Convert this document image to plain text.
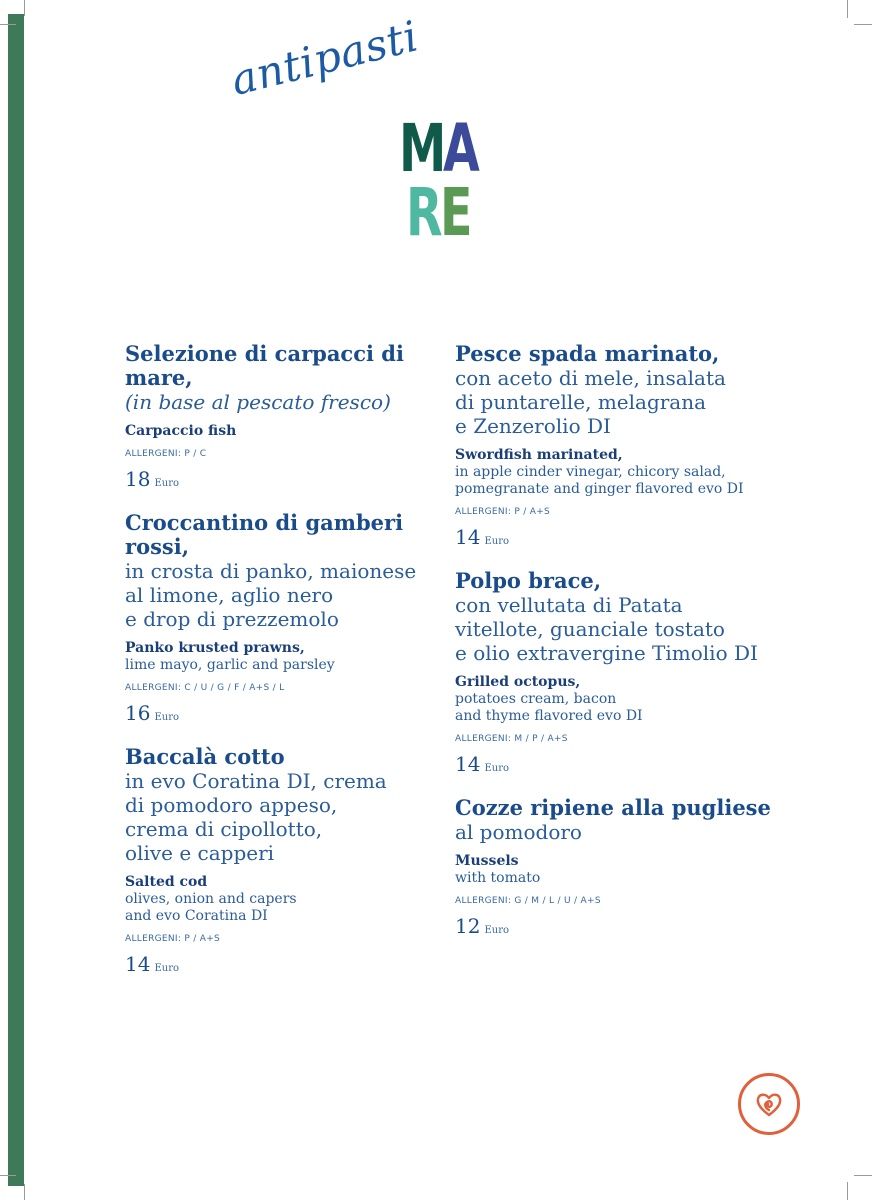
antipasti
M
A
R
E
Selezione di carpacci di mare,
(in base al pescato fresco)
Carpaccio fish
ALLERGENI: P / C
18 Euro
Croccantino di gamberi rossi,
in crosta di panko, maionese
al limone, aglio nero
e drop di prezzemolo
Panko krusted prawns,
lime mayo, garlic and parsley
ALLERGENI: C / U / G / F / A+S / L
16 Euro
Baccalà cotto
in evo Coratina DI, crema
di pomodoro appeso,
crema di cipollotto,
olive e capperi
Salted cod
olives, onion and capers
and evo Coratina DI
ALLERGENI: P / A+S
14 Euro
Pesce spada marinato,
con aceto di mele, insalata
di puntarelle, melagrana
e Zenzerolio DI
Swordfish marinated,
in apple cinder vinegar, chicory salad,
pomegranate and ginger flavored evo DI
ALLERGENI: P / A+S
14 Euro
Polpo brace,
con vellutata di Patata
vitellote, guanciale tostato
e olio extravergine Timolio DI
Grilled octopus,
potatoes cream, bacon
and thyme flavored evo DI
ALLERGENI: M / P / A+S
14 Euro
Cozze ripiene alla pugliese
al pomodoro
Mussels
with tomato
ALLERGENI: G / M / L / U / A+S
12 Euro
